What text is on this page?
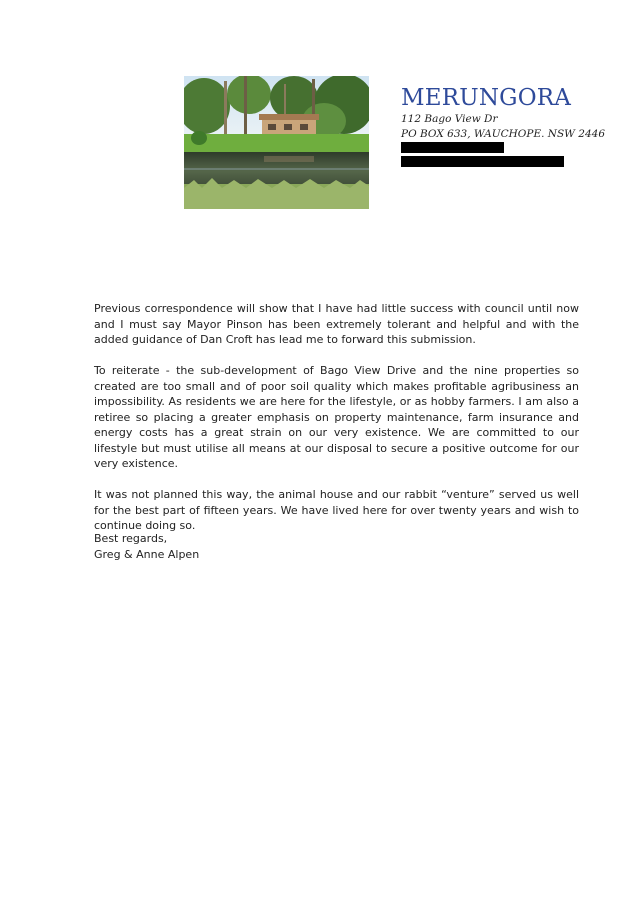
MERUNGORA
112 Bago View Dr
PO BOX 633, WAUCHOPE. NSW 2446

Previous correspondence will show that I have had little success with council until now and I must say Mayor Pinson has been extremely tolerant and helpful and with the added guidance of Dan Croft has lead me to forward this submission.

To reiterate - the sub-development of Bago View Drive and the nine properties so created are too small and of poor soil quality which makes profitable agribusiness an impossibility. As residents we are here for the lifestyle, or as hobby farmers. I am also a retiree so placing a greater emphasis on property maintenance, farm insurance and energy costs has a great strain on our very existence. We are committed to our lifestyle but must utilise all means at our disposal to secure a positive outcome for our very existence.

It was not planned this way, the animal house and our rabbit “venture” served us well for the best part of fifteen years. We have lived here for over twenty years and wish to continue doing so.

Best regards,
Greg & Anne Alpen
